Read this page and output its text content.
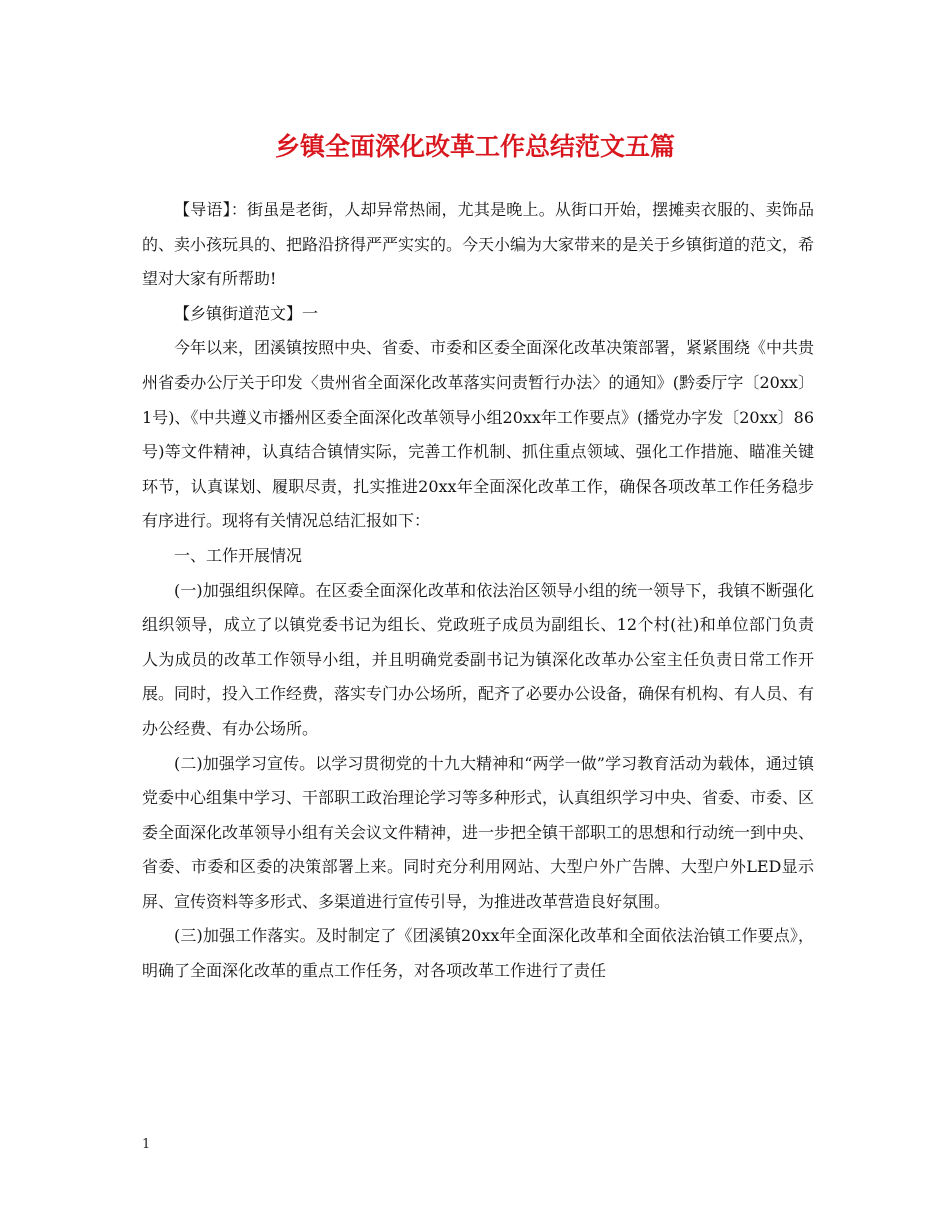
乡镇全面深化改革工作总结范文五篇

【导语】：街虽是老街，人却异常热闹，尤其是晚上。从街口开始，摆摊卖衣服的、卖饰品的、卖小孩玩具的、把路沿挤得严严实实的。今天小编为大家带来的是关于乡镇街道的范文，希望对大家有所帮助!

【乡镇街道范文】一

今年以来，团溪镇按照中央、省委、市委和区委全面深化改革决策部署，紧紧围绕《中共贵州省委办公厅关于印发〈贵州省全面深化改革落实问责暂行办法〉的通知》(黔委厅字〔20xx〕1号)、《中共遵义市播州区委全面深化改革领导小组20xx年工作要点》(播党办字发〔20xx〕86号)等文件精神，认真结合镇情实际，完善工作机制、抓住重点领域、强化工作措施、瞄准关键环节，认真谋划、履职尽责，扎实推进20xx年全面深化改革工作，确保各项改革工作任务稳步有序进行。现将有关情况总结汇报如下：

一、工作开展情况

(一)加强组织保障。在区委全面深化改革和依法治区领导小组的统一领导下，我镇不断强化组织领导，成立了以镇党委书记为组长、党政班子成员为副组长、12个村(社)和单位部门负责人为成员的改革工作领导小组，并且明确党委副书记为镇深化改革办公室主任负责日常工作开展。同时，投入工作经费，落实专门办公场所，配齐了必要办公设备，确保有机构、有人员、有办公经费、有办公场所。

(二)加强学习宣传。以学习贯彻党的十九大精神和“两学一做”学习教育活动为载体，通过镇党委中心组集中学习、干部职工政治理论学习等多种形式，认真组织学习中央、省委、市委、区委全面深化改革领导小组有关会议文件精神，进一步把全镇干部职工的思想和行动统一到中央、省委、市委和区委的决策部署上来。同时充分利用网站、大型户外广告牌、大型户外LED显示屏、宣传资料等多形式、多渠道进行宣传引导，为推进改革营造良好氛围。

(三)加强工作落实。及时制定了《团溪镇20xx年全面深化改革和全面依法治镇工作要点》，明确了全面深化改革的重点工作任务，对各项改革工作进行了责任

1
